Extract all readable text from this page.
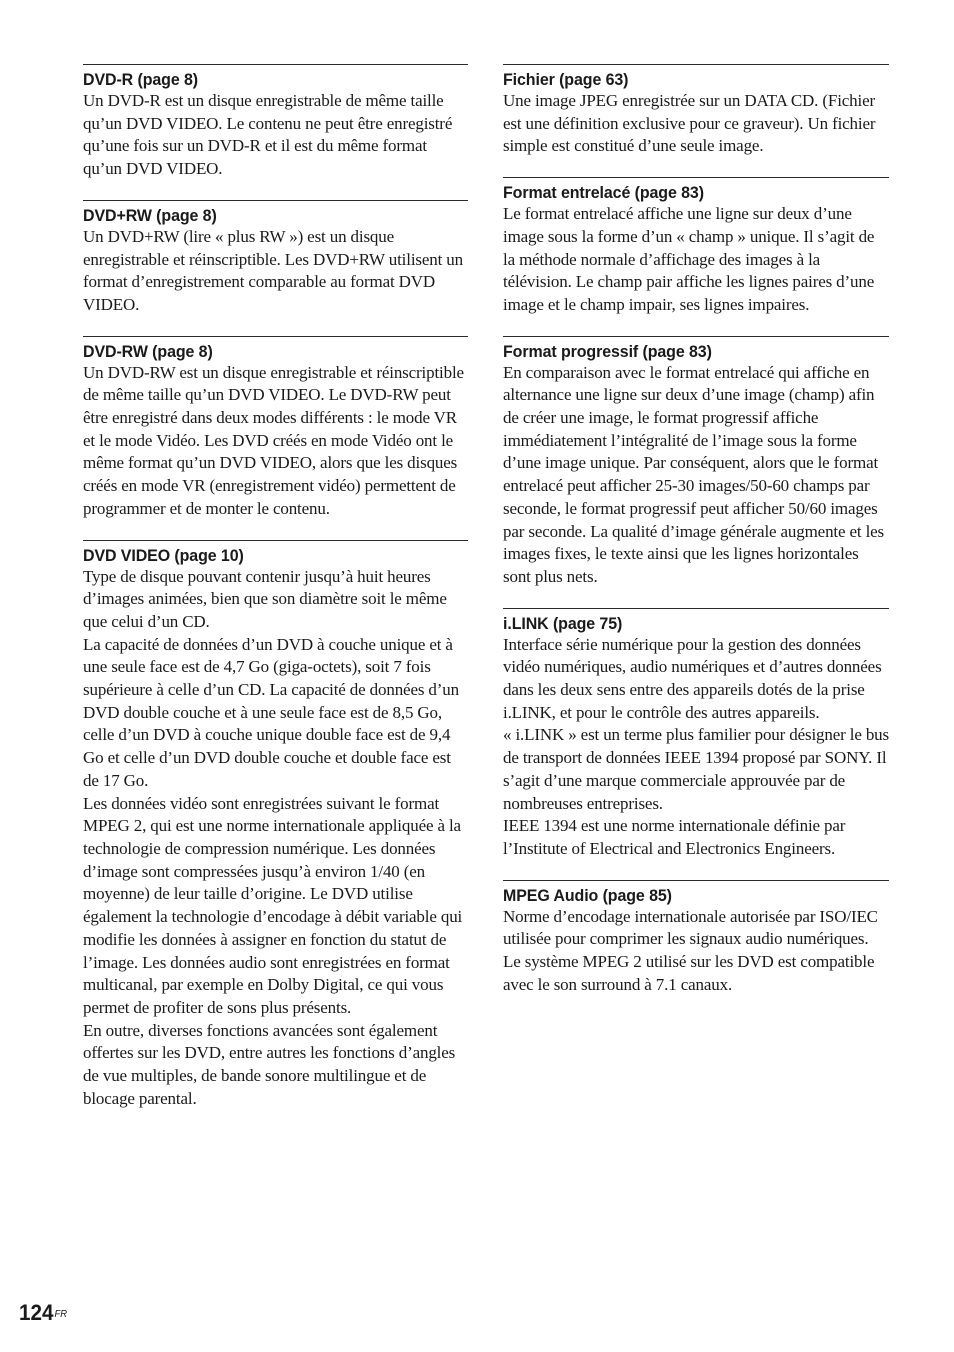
DVD-R (page 8)

Un DVD-R est un disque enregistrable de même taille qu’un DVD VIDEO. Le contenu ne peut être enregistré qu’une fois sur un DVD-R et il est du même format qu’un DVD VIDEO.

DVD+RW (page 8)

Un DVD+RW (lire « plus RW ») est un disque enregistrable et réinscriptible. Les DVD+RW utilisent un format d’enregistrement comparable au format DVD VIDEO.

DVD-RW (page 8)

Un DVD-RW est un disque enregistrable et réinscriptible de même taille qu’un DVD VIDEO. Le DVD-RW peut être enregistré dans deux modes différents : le mode VR et le mode Vidéo. Les DVD créés en mode Vidéo ont le même format qu’un DVD VIDEO, alors que les disques créés en mode VR (enregistrement vidéo) permettent de programmer et de monter le contenu.

DVD VIDEO (page 10)

Type de disque pouvant contenir jusqu’à huit heures d’images animées, bien que son diamètre soit le même que celui d’un CD.

La capacité de données d’un DVD à couche unique et à une seule face est de 4,7 Go (giga-octets), soit 7 fois supérieure à celle d’un CD. La capacité de données d’un DVD double couche et à une seule face est de 8,5 Go, celle d’un DVD à couche unique double face est de 9,4 Go et celle d’un DVD double couche et double face est de 17 Go.

Les données vidéo sont enregistrées suivant le format MPEG 2, qui est une norme internationale appliquée à la technologie de compression numérique. Les données d’image sont compressées jusqu’à environ 1/40 (en moyenne) de leur taille d’origine. Le DVD utilise également la technologie d’encodage à débit variable qui modifie les données à assigner en fonction du statut de l’image. Les données audio sont enregistrées en format multicanal, par exemple en Dolby Digital, ce qui vous permet de profiter de sons plus présents.

En outre, diverses fonctions avancées sont également offertes sur les DVD, entre autres les fonctions d’angles de vue multiples, de bande sonore multilingue et de blocage parental.

Fichier (page 63)

Une image JPEG enregistrée sur un DATA CD. (Fichier est une définition exclusive pour ce graveur). Un fichier simple est constitué d’une seule image.

Format entrelacé (page 83)

Le format entrelacé affiche une ligne sur deux d’une image sous la forme d’un « champ » unique. Il s’agit de la méthode normale d’affichage des images à la télévision. Le champ pair affiche les lignes paires d’une image et le champ impair, ses lignes impaires.

Format progressif (page 83)

En comparaison avec le format entrelacé qui affiche en alternance une ligne sur deux d’une image (champ) afin de créer une image, le format progressif affiche immédiatement l’intégralité de l’image sous la forme d’une image unique. Par conséquent, alors que le format entrelacé peut afficher 25-30 images/50-60 champs par seconde, le format progressif peut afficher 50/60 images par seconde. La qualité d’image générale augmente et les images fixes, le texte ainsi que les lignes horizontales sont plus nets.

i.LINK (page 75)

Interface série numérique pour la gestion des données vidéo numériques, audio numériques et d’autres données dans les deux sens entre des appareils dotés de la prise i.LINK, et pour le contrôle des autres appareils.

« i.LINK » est un terme plus familier pour désigner le bus de transport de données IEEE 1394 proposé par SONY. Il s’agit d’une marque commerciale approuvée par de nombreuses entreprises.

IEEE 1394 est une norme internationale définie par l’Institute of Electrical and Electronics Engineers.

MPEG Audio (page 85)

Norme d’encodage internationale autorisée par ISO/IEC utilisée pour comprimer les signaux audio numériques. Le système MPEG 2 utilisé sur les DVD est compatible avec le son surround à 7.1 canaux.

$124^{FR}$
